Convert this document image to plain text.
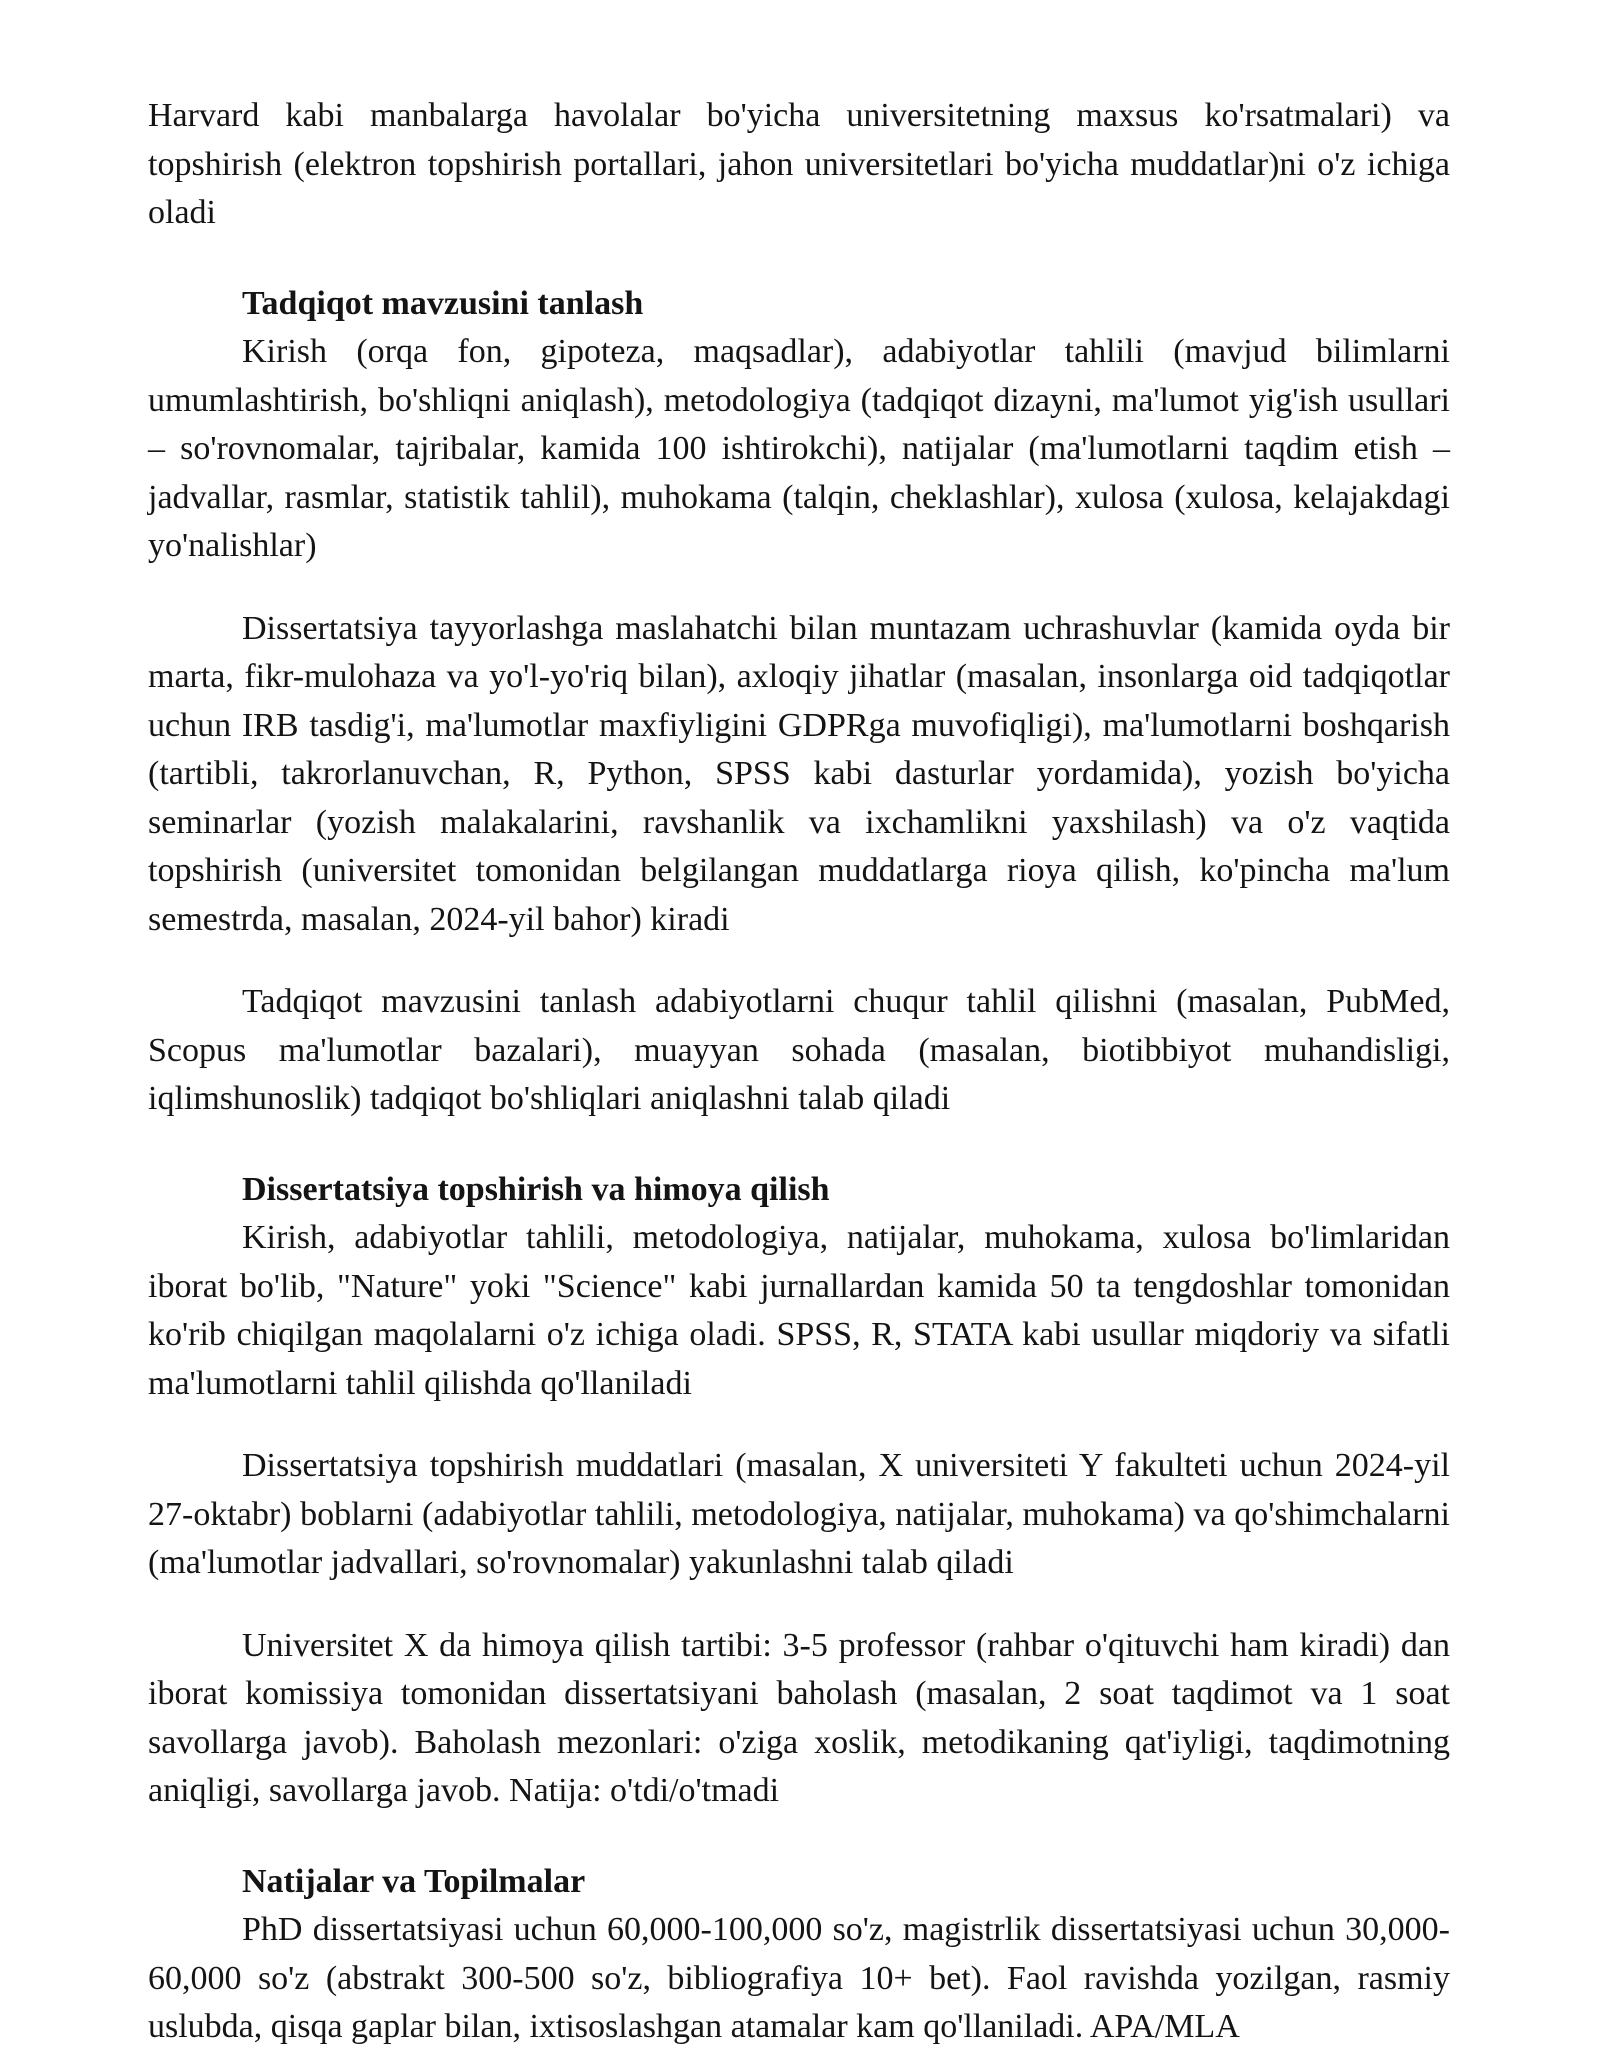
Harvard kabi manbalarga havolalar bo'yicha universitetning maxsus ko'rsatmalari) va topshirish (elektron topshirish portallari, jahon universitetlari bo'yicha muddatlar)ni o'z ichiga oladi

Tadqiqot mavzusini tanlash

Kirish (orqa fon, gipoteza, maqsadlar), adabiyotlar tahlili (mavjud bilimlarni umumlashtirish, bo'shliqni aniqlash), metodologiya (tadqiqot dizayni, ma'lumot yig'ish usullari – so'rovnomalar, tajribalar, kamida 100 ishtirokchi), natijalar (ma'lumotlarni taqdim etish – jadvallar, rasmlar, statistik tahlil), muhokama (talqin, cheklashlar), xulosa (xulosa, kelajakdagi yo'nalishlar)

Dissertatsiya tayyorlashga maslahatchi bilan muntazam uchrashuvlar (kamida oyda bir marta, fikr-mulohaza va yo'l-yo'riq bilan), axloqiy jihatlar (masalan, insonlarga oid tadqiqotlar uchun IRB tasdig'i, ma'lumotlar maxfiyligini GDPRga muvofiqligi), ma'lumotlarni boshqarish (tartibli, takrorlanuvchan, R, Python, SPSS kabi dasturlar yordamida), yozish bo'yicha seminarlar (yozish malakalarini, ravshanlik va ixchamlikni yaxshilash) va o'z vaqtida topshirish (universitet tomonidan belgilangan muddatlarga rioya qilish, ko'pincha ma'lum semestrda, masalan, 2024-yil bahor) kiradi

Tadqiqot mavzusini tanlash adabiyotlarni chuqur tahlil qilishni (masalan, PubMed, Scopus ma'lumotlar bazalari), muayyan sohada (masalan, biotibbiyot muhandisligi, iqlimshunoslik) tadqiqot bo'shliqlari aniqlashni talab qiladi

Dissertatsiya topshirish va himoya qilish

Kirish, adabiyotlar tahlili, metodologiya, natijalar, muhokama, xulosa bo'limlaridan iborat bo'lib, "Nature" yoki "Science" kabi jurnallardan kamida 50 ta tengdoshlar tomonidan ko'rib chiqilgan maqolalarni o'z ichiga oladi. SPSS, R, STATA kabi usullar miqdoriy va sifatli ma'lumotlarni tahlil qilishda qo'llaniladi

Dissertatsiya topshirish muddatlari (masalan, X universiteti Y fakulteti uchun 2024-yil 27-oktabr) boblarni (adabiyotlar tahlili, metodologiya, natijalar, muhokama) va qo'shimchalarni (ma'lumotlar jadvallari, so'rovnomalar) yakunlashni talab qiladi

Universitet X da himoya qilish tartibi: 3-5 professor (rahbar o'qituvchi ham kiradi) dan iborat komissiya tomonidan dissertatsiyani baholash (masalan, 2 soat taqdimot va 1 soat savollarga javob). Baholash mezonlari: o'ziga xoslik, metodikaning qat'iyligi, taqdimotning aniqligi, savollarga javob. Natija: o'tdi/o'tmadi

Natijalar va Topilmalar

PhD dissertatsiyasi uchun 60,000-100,000 so'z, magistrlik dissertatsiyasi uchun 30,000-60,000 so'z (abstrakt 300-500 so'z, bibliografiya 10+ bet). Faol ravishda yozilgan, rasmiy uslubda, qisqa gaplar bilan, ixtisoslashgan atamalar kam qo'llaniladi. APA/MLA
